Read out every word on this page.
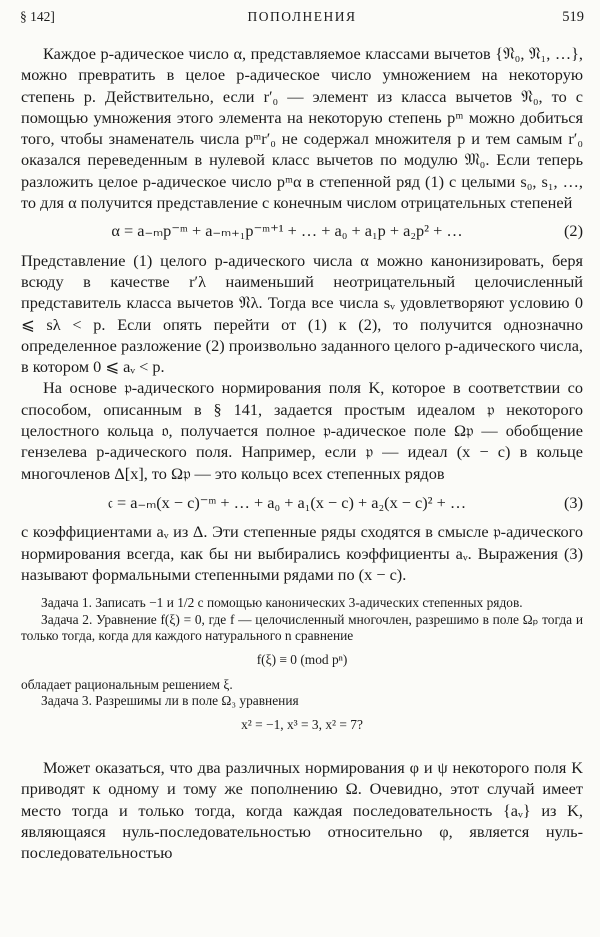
§ 142]	ПОПОЛНЕНИЯ	519

Каждое p-адическое число α, представляемое классами вычетов {𝔑₀, 𝔑₁, …}, можно превратить в целое p-адическое число умножением на некоторую степень p. Действительно, если r′₀ — элемент из класса вычетов 𝔑₀, то с помощью умножения этого элемента на некоторую степень pᵐ можно добиться того, чтобы знаменатель числа pᵐr′₀ не содержал множителя p и тем самым r′₀ оказался переведенным в нулевой класс вычетов по модулю 𝔐₀. Если теперь разложить целое p-адическое число pᵐα в степенной ряд (1) с целыми s₀, s₁, …, то для α получится представление с конечным числом отрицательных степеней

α = a₋ₘp⁻ᵐ + a₋ₘ₊₁p⁻ᵐ⁺¹ + … + a₀ + a₁p + a₂p² + …	(2)

Представление (1) целого p-адического числа α можно канонизировать, беря всюду в качестве r′λ наименьший неотрицательный целочисленный представитель класса вычетов 𝔑λ. Тогда все числа sᵥ удовлетворяют условию 0 ⩽ sλ < p. Если опять перейти от (1) к (2), то получится однозначно определенное разложение (2) произвольно заданного целого p-адического числа, в котором 0 ⩽ aᵥ < p.

На основе 𝔭-адического нормирования поля K, которое в соответствии со способом, описанным в § 141, задается простым идеалом 𝔭 некоторого целостного кольца 𝔬, получается полное 𝔭-адическое поле Ω𝔭 — обобщение гензелева p-адического поля. Например, если 𝔭 — идеал (x − c) в кольце многочленов Δ[x], то Ω𝔭 — это кольцо всех степенных рядов

𝔠 = a₋ₘ(x − c)⁻ᵐ + … + a₀ + a₁(x − c) + a₂(x − c)² + …	(3)

с коэффициентами aᵥ из Δ. Эти степенные ряды сходятся в смысле 𝔭-адического нормирования всегда, как бы ни выбирались коэффициенты aᵥ. Выражения (3) называют формальными степенными рядами по (x − c).

Задача 1. Записать −1 и 1/2 с помощью канонических 3-адических степенных рядов.

Задача 2. Уравнение f(ξ) = 0, где f — целочисленный многочлен, разрешимо в поле Ωₚ тогда и только тогда, когда для каждого натурального n сравнение

f(ξ) ≡ 0 (mod pⁿ)

обладает рациональным решением ξ.

Задача 3. Разрешимы ли в поле Ω₃ уравнения

x² = −1, x³ = 3, x² = 7?

Может оказаться, что два различных нормирования φ и ψ некоторого поля K приводят к одному и тому же пополнению Ω. Очевидно, этот случай имеет место тогда и только тогда, когда каждая последовательность {aᵥ} из K, являющаяся нуль-последовательностью относительно φ, является нуль-последовательностью
